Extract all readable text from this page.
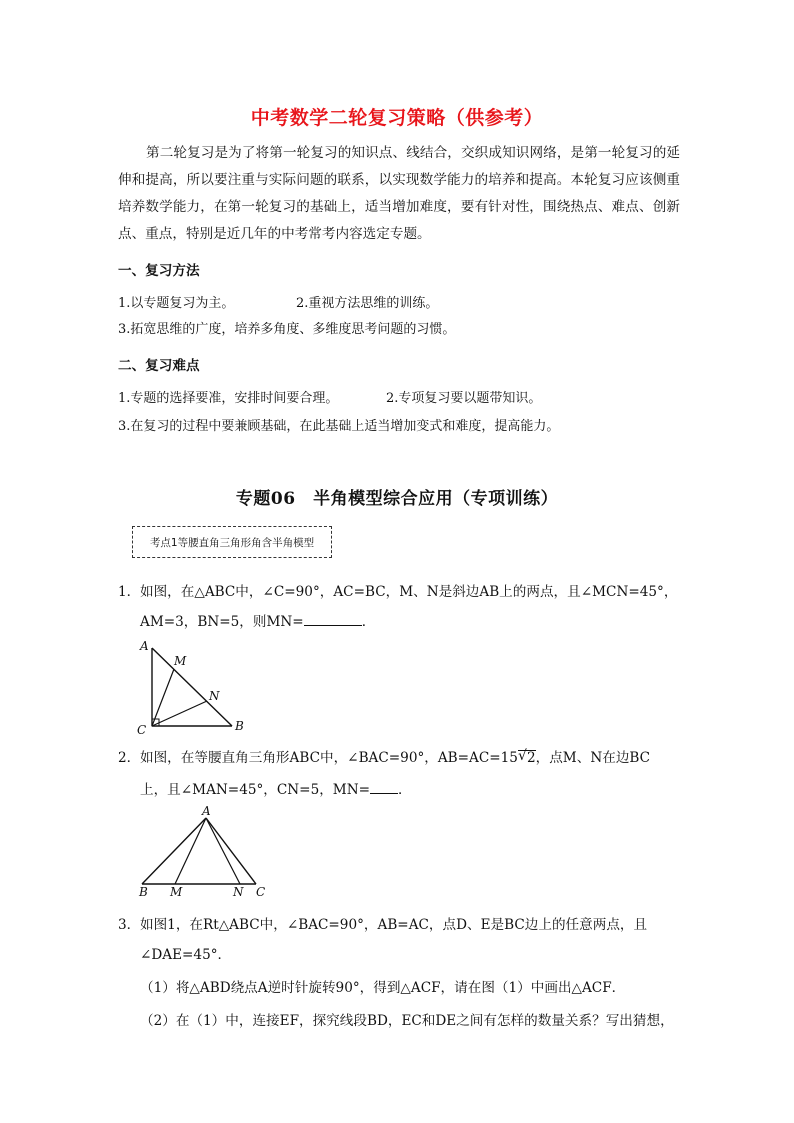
中考数学二轮复习策略（供参考）
第二轮复习是为了将第一轮复习的知识点、线结合，交织成知识网络，是第一轮复习的延伸和提高，所以要注重与实际问题的联系，以实现数学能力的培养和提高。本轮复习应该侧重培养数学能力，在第一轮复习的基础上，适当增加难度，要有针对性，围绕热点、难点、创新点、重点，特别是近几年的中考常考内容选定专题。
一、复习方法
1.以专题复习为主。	2.重视方法思维的训练。
3.拓宽思维的广度，培养多角度、多维度思考问题的习惯。
二、复习难点
1.专题的选择要准，安排时间要合理。	2.专项复习要以题带知识。
3.在复习的过程中要兼顾基础，在此基础上适当增加变式和难度，提高能力。
专题06　半角模型综合应用（专项训练）
考点1等腰直角三角形角含半角模型
1． 如图，在△ABC中，∠C=90°，AC=BC，M、N是斜边AB上的两点，且∠MCN=45°，
AM=3，BN=5，则MN=	．
A
M
N
C	B
2． 如图，在等腰直角三角形ABC中，∠BAC=90°，AB=AC=15 √ 2，点M、N在边BC
上，且∠MAN=45°，CN=5，MN= ．
A
B M	N C
3． 如图1，在Rt△ABC中，∠BAC=90°，AB=AC，点D、E是BC边上的任意两点，且
∠DAE=45°．
（1）将△ABD绕点A逆时针旋转90°，得到△ACF，请在图（1）中画出△ACF．
（2）在（1）中，连接EF，探究线段BD，EC和DE之间有怎样的数量关系？写出猜想，
